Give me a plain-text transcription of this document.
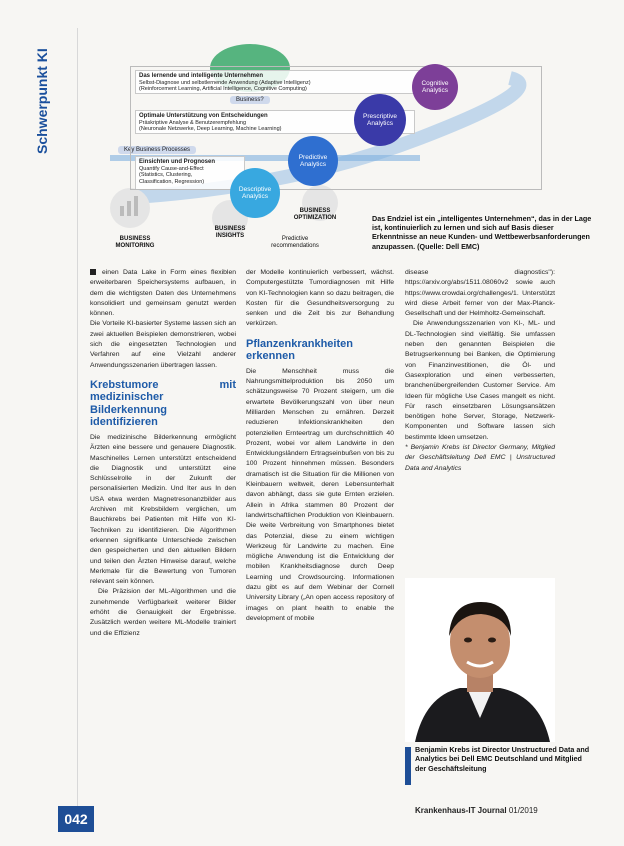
Schwerpunkt KI	Das lernende und intelligente Unternehmen
Selbst-Diagnose und selbstlernende Anwendung (Adaptive Intelligenz)
(Reinforcement Learning, Artificial Intelligence, Cognitive Computing)
Business?
Optimale Unterstützung von Entscheidungen
Präskriptive Analyse & Benutzerempfehlung
(Neuronale Netzwerke, Deep Learning, Machine Learning)
Key Business Processes
Einsichten und Prognosen
Quantify Cause-and-Effect
(Statistics, Clustering,
Classification, Regression)
Cognitive Analytics
Prescriptive Analytics
Predictive Analytics
Descriptive Analytics
BUSINESS MONITORING
BUSINESS INSIGHTS
BUSINESS OPTIMIZATION
Predictive recommendations
Das Endziel ist ein „intelligentes Unternehmen“, das in der Lage ist, kontinuierlich zu lernen und sich auf Basis dieser Erkenntnisse an neue Kunden- und Wettbewerbsanforderungen anzupassen. (Quelle: Dell EMC)

einen Data Lake in Form eines flexiblen erweiterbaren Speichersystems aufbauen, in dem die wichtigsten Daten des Unternehmens konsolidiert und gemeinsam genutzt werden können.

Die Vorteile KI-basierter Systeme lassen sich an zwei aktuellen Beispielen demonstrieren, wobei sich die eingesetzten Technologien und Verfahren auf eine Vielzahl anderer Anwendungsszenarien übertragen lassen.

Krebstumore mit medizinischer Bilderkennung identifizieren

Die medizinische Bilderkennung ermöglicht Ärzten eine bessere und genauere Diagnostik. Maschinelles Lernen unterstützt entscheidend die Diagnostik und unterstützt eine Schlüsselrolle in der Zukunft der personalisierten Medizin. Und Iter aus In den USA etwa werden Magnetresonanzbilder aus Archiven mit Krebsbildern verglichen, um Bauchkrebs bei Patienten mit Hilfe von KI-Techniken zu identifizieren. Die Algorithmen erkennen signifikante Unterschiede zwischen den gespeicherten und den aktuellen Bildern und teilen den Ärzten Hinweise darauf, welche Merkmale für die Bewertung von Tumoren relevant sein können.

Die Präzision der ML-Algorithmen und die zunehmende Verfügbarkeit weiterer Bilder erhöht die Genauigkeit der Ergebnisse. Zusätzlich werden weitere ML-Modelle trainiert und die Effizienz

der Modelle kontinuierlich verbessert, wächst. Computergestützte Tumordiagnosen mit Hilfe von KI-Technologien kann so dazu beitragen, die Kosten für die Gesundheitsversorgung zu senken und die Zeit bis zur Behandlung verkürzen.

Pflanzenkrankheiten erkennen

Die Menschheit muss die Nahrungsmittelproduktion bis 2050 um schätzungsweise 70 Prozent steigern, um die erwartete Bevölkerungszahl von über neun Milliarden Menschen zu ernähren. Derzeit reduzieren Infektionskrankheiten den potenziellen Ernteertrag um durchschnittlich 40 Prozent, wobei vor allem Landwirte in den Entwicklungsländern Ertragseinbußen von bis zu 100 Prozent hinnehmen müssen. Besonders dramatisch ist die Situation für die Millionen von Kleinbauern weltweit, deren Lebensunterhalt davon abhängt, dass sie gute Ernten erzielen. Allein in Afrika stammen 80 Prozent der landwirtschaftlichen Produktion von Kleinbauern. Die weite Verbreitung von Smartphones bietet das Potenzial, diese zu einem wichtigen Werkzeug für Landwirte zu machen. Eine mögliche Anwendung ist die Entwicklung der mobilen Krankheitsdiagnose durch Deep Learning und Crowdsourcing. Informationen dazu gibt es auf dem Webinar der Cornell University Library („An open access repository of images on plant health to enable the development of mobile

disease diagnostics"): https://arxiv.org/abs/1511.08060v2 sowie auch https://www.crowdai.org/challenges/1. Unterstützt wird diese Arbeit ferner von der Max-Planck-Gesellschaft und der Helmholtz-Gemeinschaft.

Die Anwendungsszenarien von KI-, ML- und DL-Technologien sind vielfältig. Sie umfassen neben den genannten Beispielen die Betrugserkennung bei Banken, die Optimierung von Finanzinvestitionen, die Öl- und Gasexploration und einen verbesserten, branchenübergreifenden Customer Service. Am Ideen für mögliche Use Cases mangelt es nicht. Für rasch einsetzbaren Lösungsansätzen benötigen hohe Server, Storage, Netzwerk-Komponenten und Software lassen sich bestimmte Ideen umsetzen.

* Benjamin Krebs ist Director Germany, Mitglied der Geschäftsleitung Dell EMC | Unstructured Data and Analytics

Benjamin Krebs ist Director Unstructured Data and Analytics bei Dell EMC Deutschland und Mitglied der Geschäftsleitung
042
Krankenhaus-IT Journal 01/2019
